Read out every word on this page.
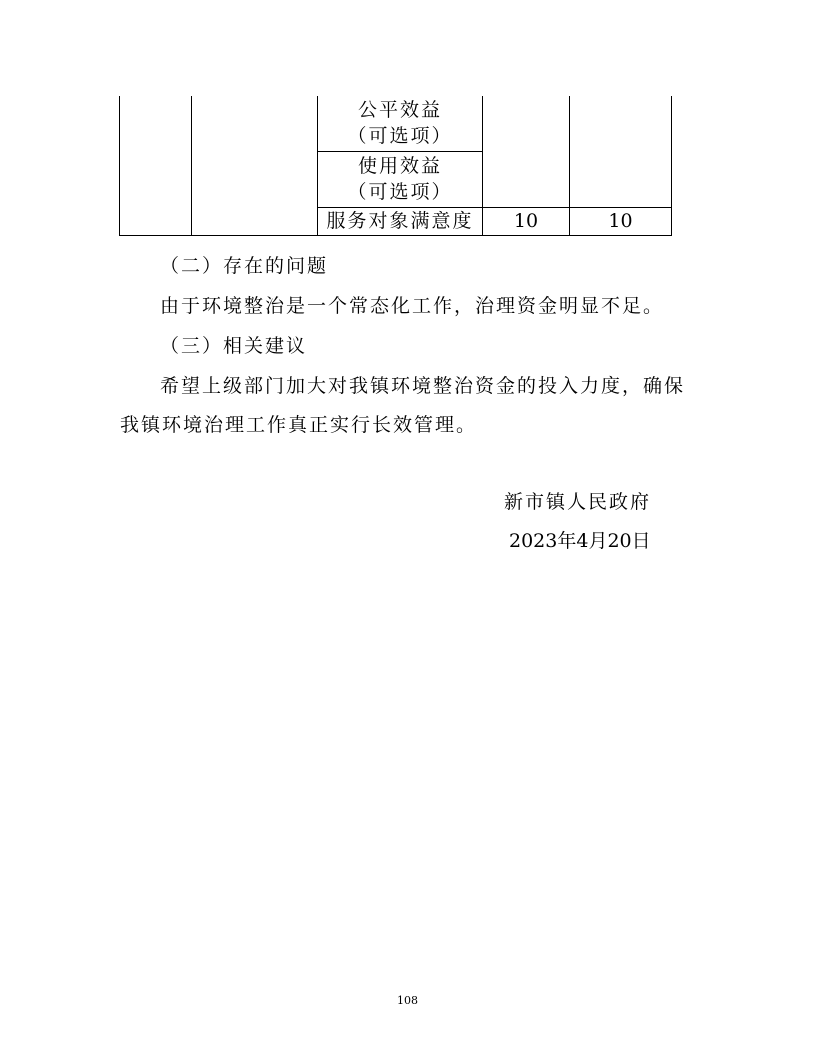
		公平效益
（可选项）		

		使用效益
（可选项）		

		服务对象满意度	10	10

（二）存在的问题

由于环境整治是一个常态化工作，治理资金明显不足。

（三）相关建议

希望上级部门加大对我镇环境整治资金的投入力度，确保

我镇环境治理工作真正实行长效管理。

新市镇人民政府

2023年4月20日

108
